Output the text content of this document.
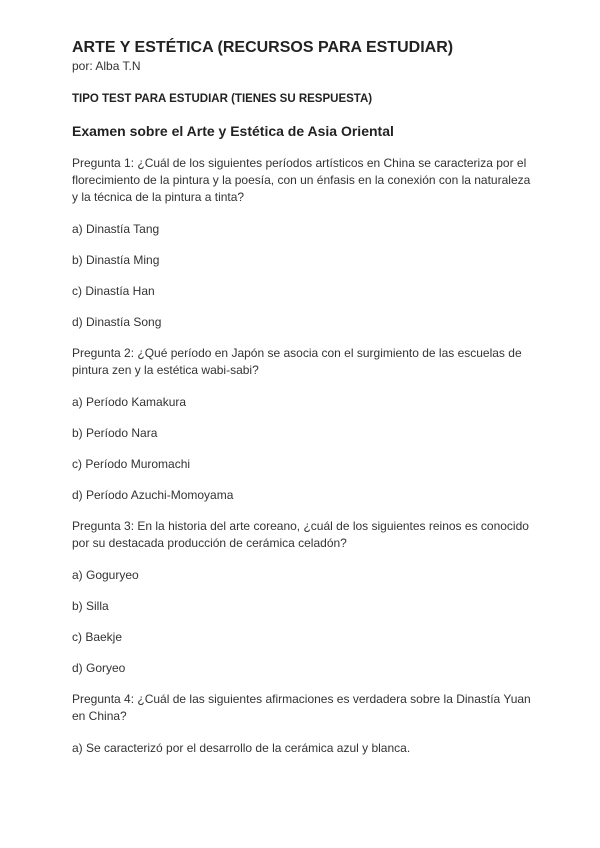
ARTE Y ESTÉTICA (RECURSOS PARA ESTUDIAR)

por: Alba T.N

TIPO TEST PARA ESTUDIAR (TIENES SU RESPUESTA)

Examen sobre el Arte y Estética de Asia Oriental

Pregunta 1: ¿Cuál de los siguientes períodos artísticos en China se caracteriza por el florecimiento de la pintura y la poesía, con un énfasis en la conexión con la naturaleza y la técnica de la pintura a tinta?

a) Dinastía Tang

b) Dinastía Ming

c) Dinastía Han

d) Dinastía Song

Pregunta 2: ¿Qué período en Japón se asocia con el surgimiento de las escuelas de pintura zen y la estética wabi-sabi?

a) Período Kamakura

b) Período Nara

c) Período Muromachi

d) Período Azuchi-Momoyama

Pregunta 3: En la historia del arte coreano, ¿cuál de los siguientes reinos es conocido por su destacada producción de cerámica celadón?

a) Goguryeo

b) Silla

c) Baekje

d) Goryeo

Pregunta 4: ¿Cuál de las siguientes afirmaciones es verdadera sobre la Dinastía Yuan en China?

a) Se caracterizó por el desarrollo de la cerámica azul y blanca.
